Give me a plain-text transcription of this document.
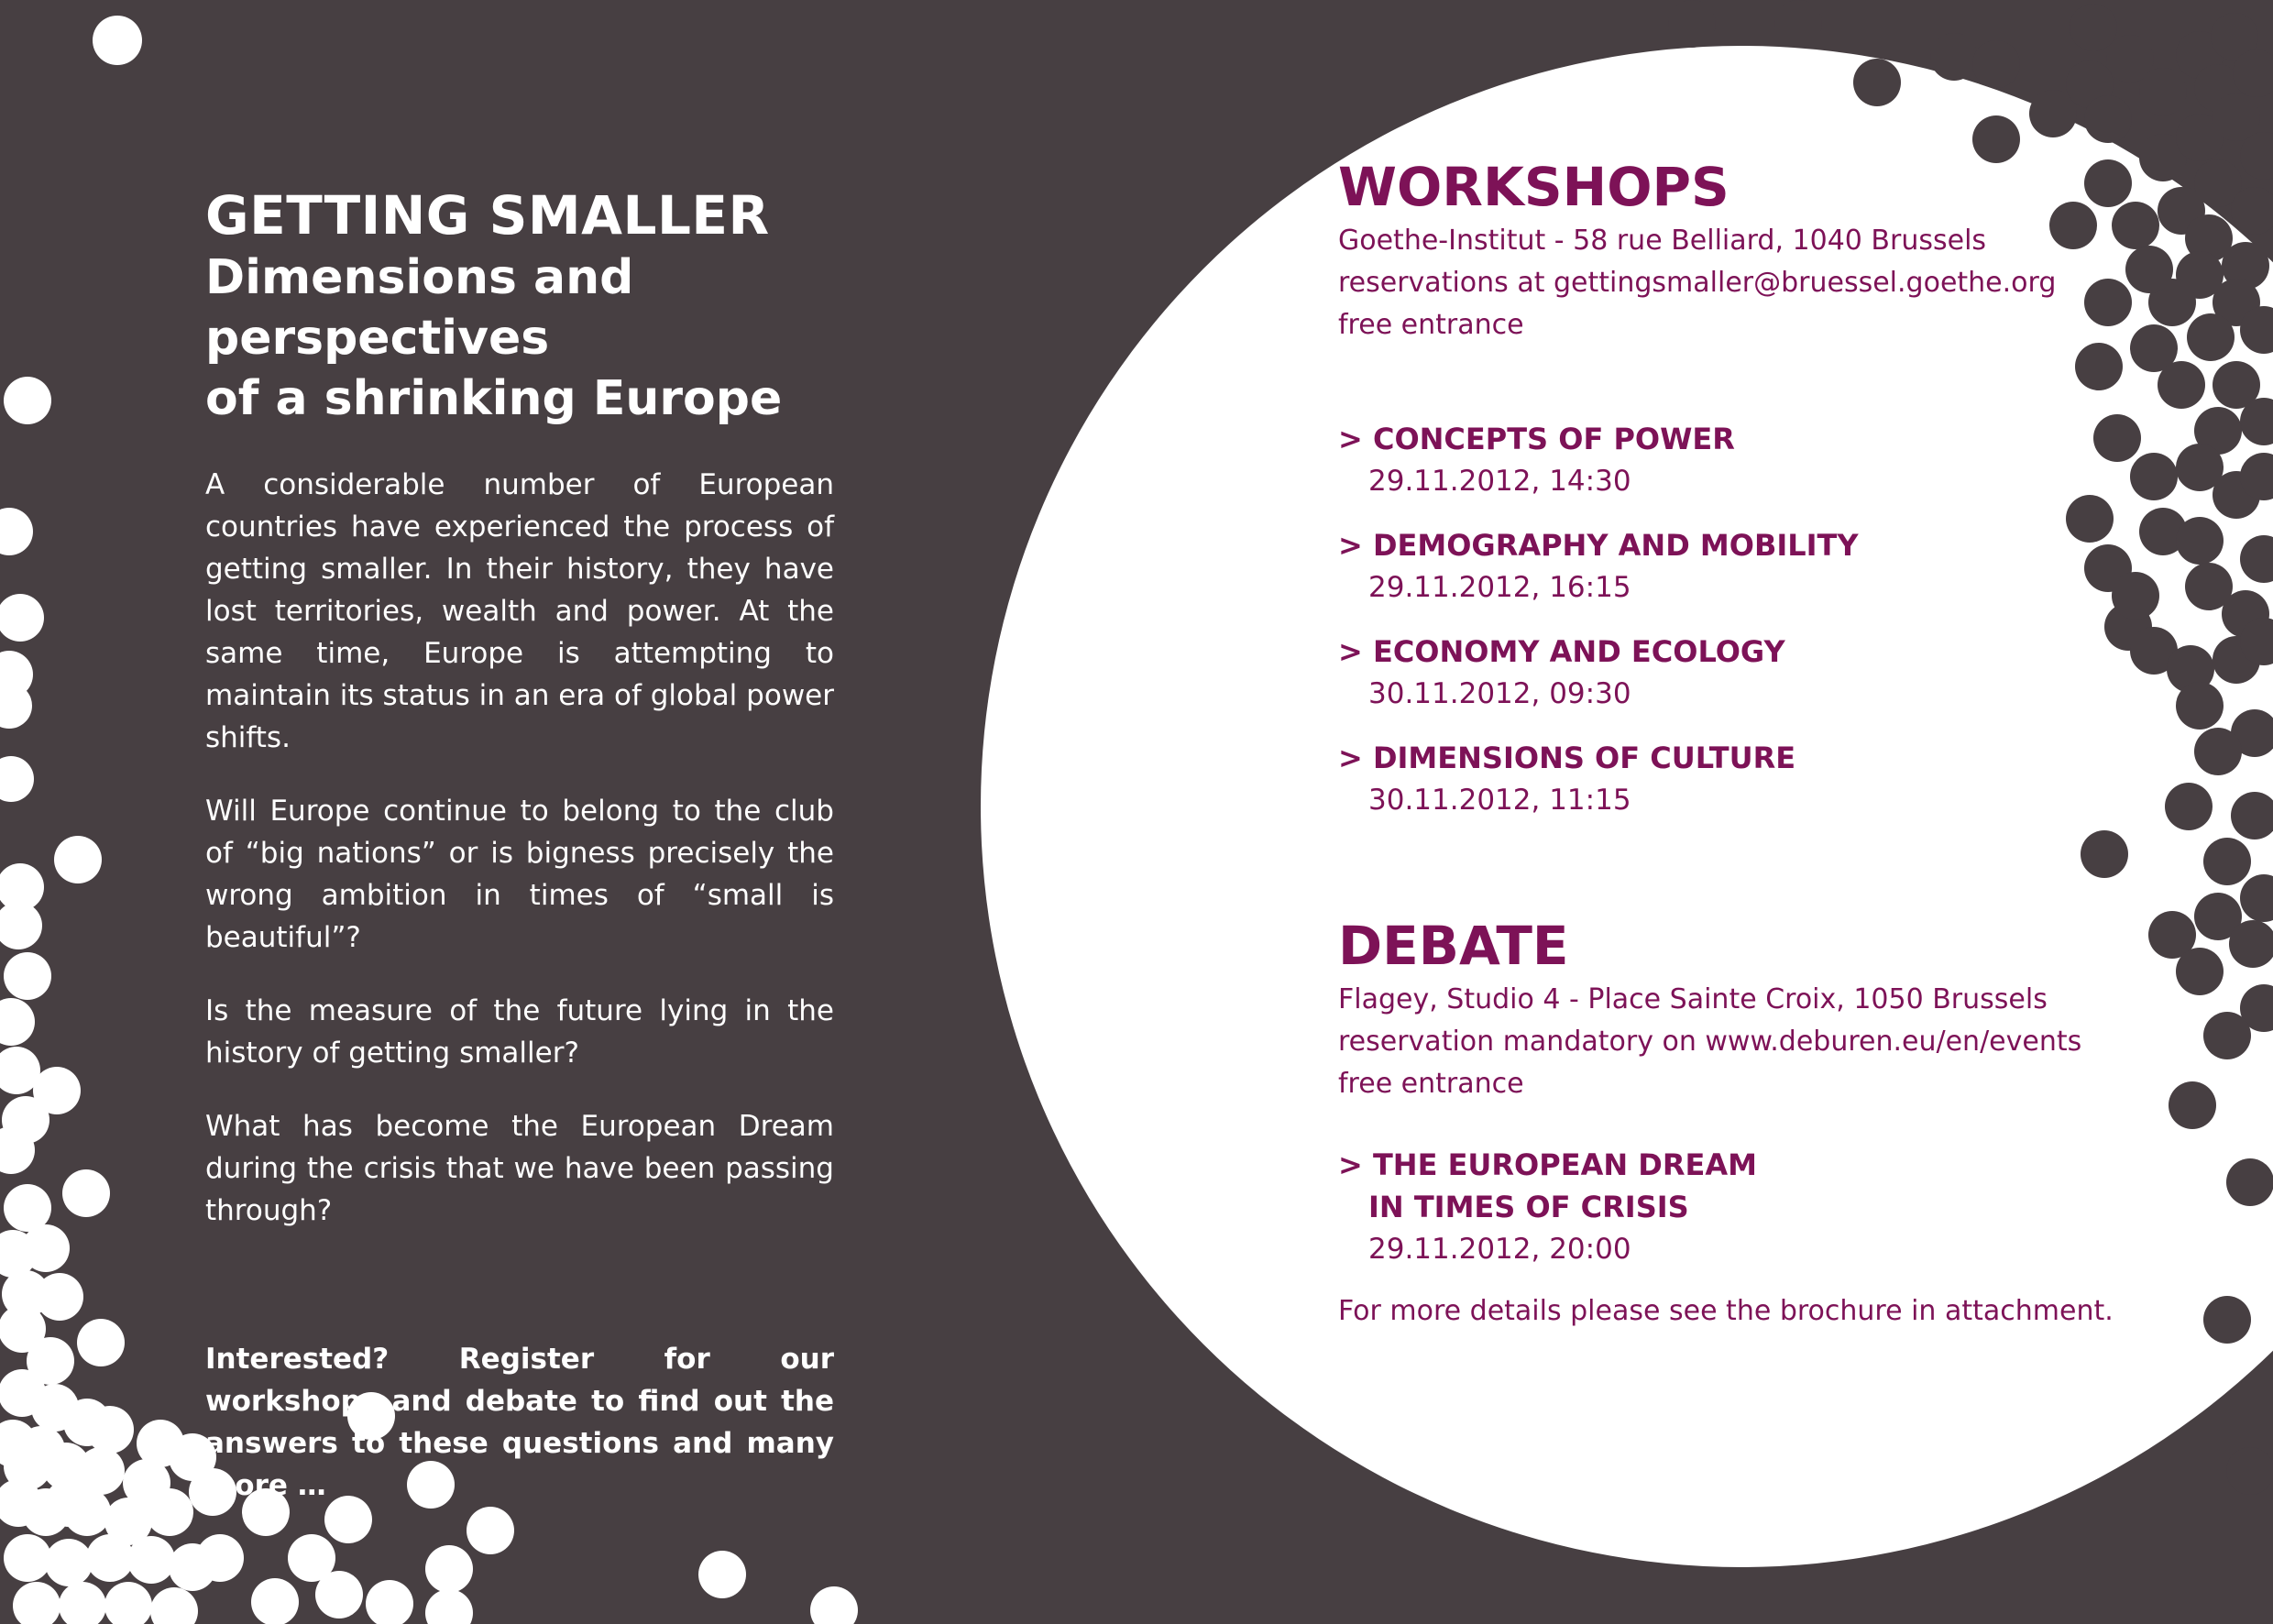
GETTING SMALLER
Dimensions and perspectives
of a shrinking Europe

A considerable number of European countries have experienced the process of getting smaller. In their history, they have lost territories, wealth and power. At the same time, Europe is attempting to maintain its status in an era of global power shifts.

Will Europe continue to belong to the club of “big nations” or is bigness precisely the wrong ambition in times of “small is beautiful”?

Is the measure of the future lying in the history of getting smaller?

What has become the European Dream during the crisis that we have been passing through?

Interested? Register for our workshops and debate to find out the answers to these questions and many more …
WORKSHOPS

Goethe-Institut - 58 rue Belliard, 1040 Brussels

reservations at gettingsmaller@bruessel.goethe.org

free entrance

> CONCEPTS OF POWER
29.11.2012, 14:30
> DEMOGRAPHY AND MOBILITY
29.11.2012, 16:15
> ECONOMY AND ECOLOGY
30.11.2012, 09:30
> DIMENSIONS OF CULTURE
30.11.2012, 11:15
DEBATE

Flagey, Studio 4 - Place Sainte Croix, 1050 Brussels

reservation mandatory on www.deburen.eu/en/events

free entrance

> THE EUROPEAN DREAM
IN TIMES OF CRISIS
29.11.2012, 20:00
For more details please see the brochure in attachment.
